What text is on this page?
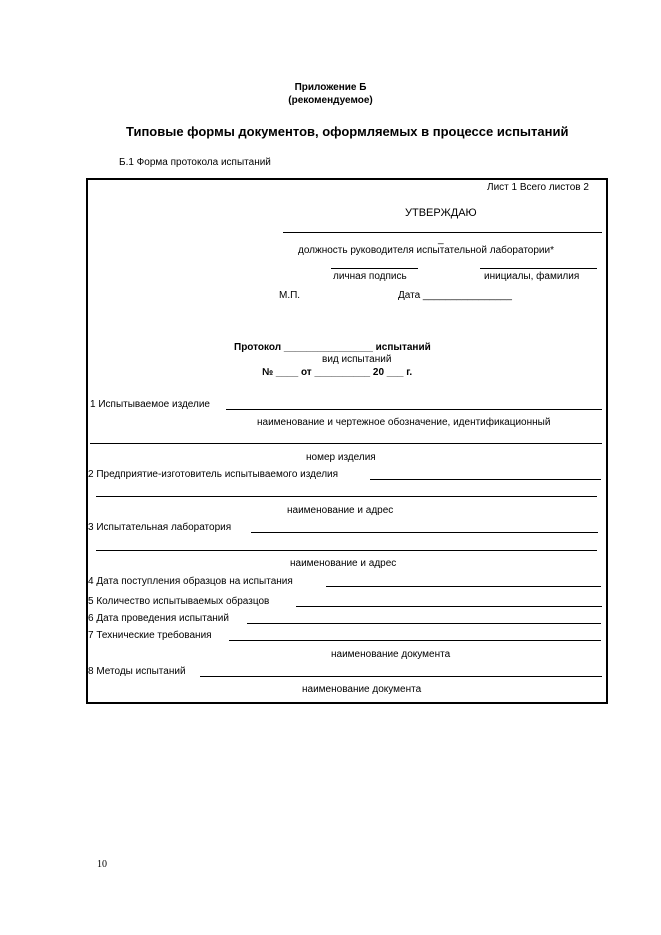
Приложение Б
(рекомендуемое)
Типовые формы документов, оформляемых в процессе испытаний
Б.1 Форма протокола испытаний
Лист 1 Всего листов 2
УТВЕРЖДАЮ
_
должность руководителя испытательной лаборатории*
личная подпись	инициалы, фамилия
М.П.	Дата ________________
Протокол ________________ испытаний
вид испытаний
№ ____ от __________ 20 ___ г.
1 Испытываемое изделие
наименование и чертежное обозначение, идентификационный
номер изделия
2 Предприятие-изготовитель испытываемого изделия
наименование и адрес
3 Испытательная лаборатория
наименование и адрес
4 Дата поступления образцов на испытания
5 Количество испытываемых образцов
6 Дата проведения испытаний
7 Технические требования
наименование документа
8 Методы испытаний
наименование документа
10
